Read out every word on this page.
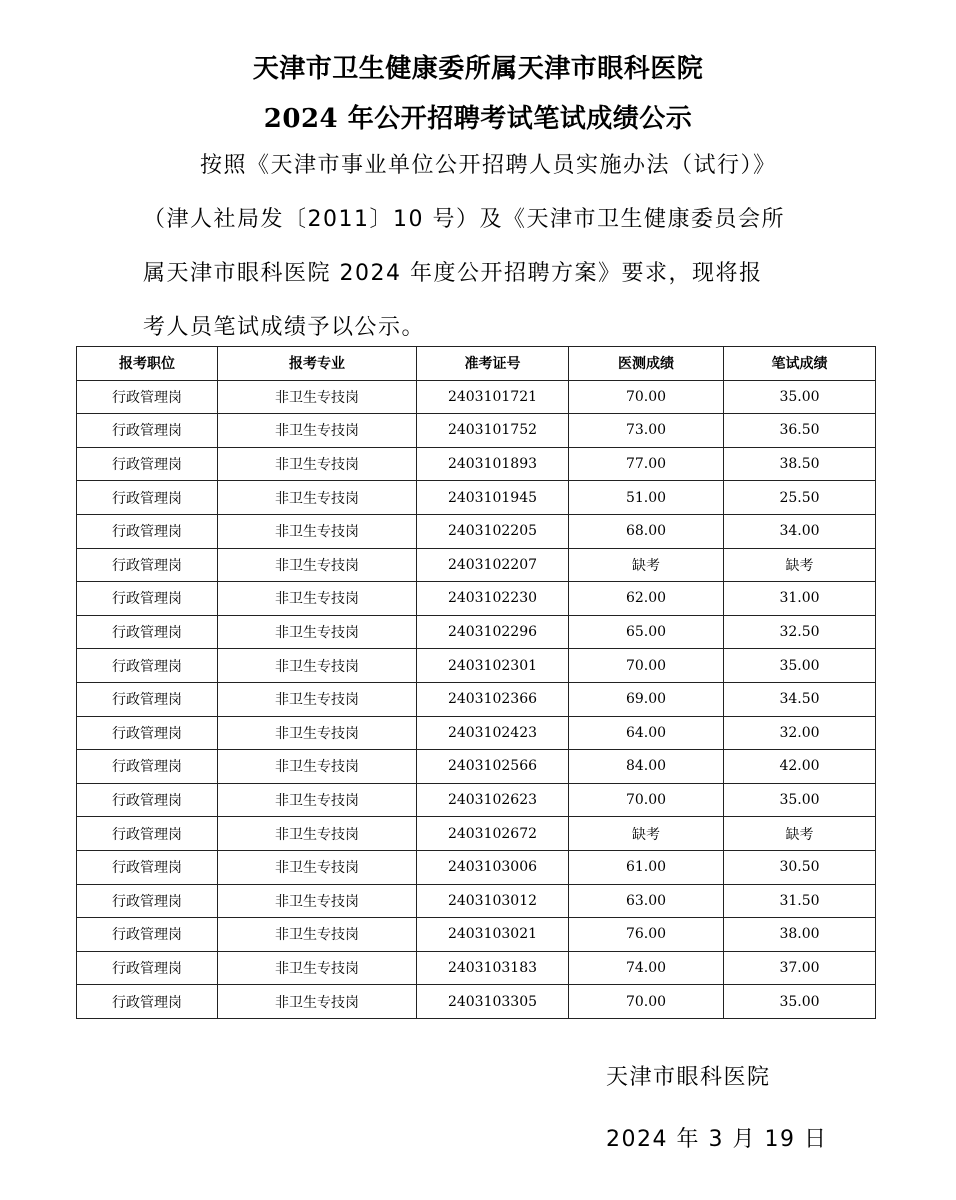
天津市卫生健康委所属天津市眼科医院
2024 年公开招聘考试笔试成绩公示
按照《天津市事业单位公开招聘人员实施办法（试行）》
（津人社局发〔2011〕10 号）及《天津市卫生健康委员会所
属天津市眼科医院 2024 年度公开招聘方案》要求，现将报
考人员笔试成绩予以公示。
报考职位	报考专业	准考证号	医测成绩	笔试成绩
行政管理岗	非卫生专技岗	2403101721	70.00	35.00
行政管理岗	非卫生专技岗	2403101752	73.00	36.50
行政管理岗	非卫生专技岗	2403101893	77.00	38.50
行政管理岗	非卫生专技岗	2403101945	51.00	25.50
行政管理岗	非卫生专技岗	2403102205	68.00	34.00
行政管理岗	非卫生专技岗	2403102207	缺考	缺考
行政管理岗	非卫生专技岗	2403102230	62.00	31.00
行政管理岗	非卫生专技岗	2403102296	65.00	32.50
行政管理岗	非卫生专技岗	2403102301	70.00	35.00
行政管理岗	非卫生专技岗	2403102366	69.00	34.50
行政管理岗	非卫生专技岗	2403102423	64.00	32.00
行政管理岗	非卫生专技岗	2403102566	84.00	42.00
行政管理岗	非卫生专技岗	2403102623	70.00	35.00
行政管理岗	非卫生专技岗	2403102672	缺考	缺考
行政管理岗	非卫生专技岗	2403103006	61.00	30.50
行政管理岗	非卫生专技岗	2403103012	63.00	31.50
行政管理岗	非卫生专技岗	2403103021	76.00	38.00
行政管理岗	非卫生专技岗	2403103183	74.00	37.00
行政管理岗	非卫生专技岗	2403103305	70.00	35.00
天津市眼科医院
2024 年 3 月 19 日
